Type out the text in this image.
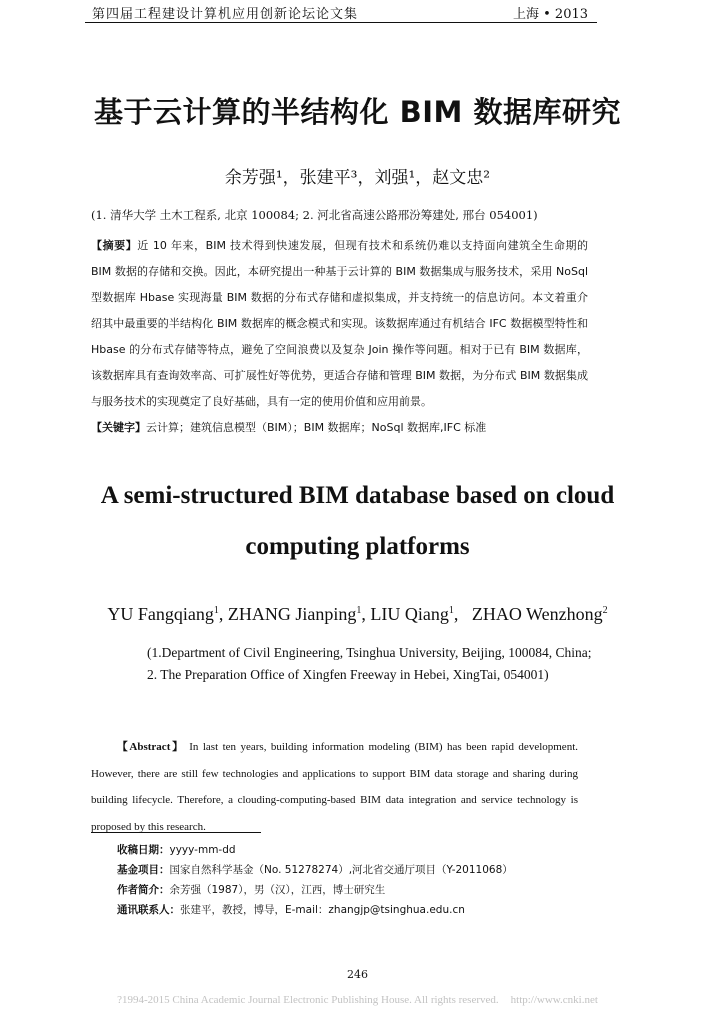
第四届工程建设计算机应用创新论坛论文集	上海 • 2013
基于云计算的半结构化 BIM 数据库研究
余芳强¹，张建平³，刘强¹，赵文忠²
(1. 清华大学 土木工程系, 北京 100084; 2. 河北省高速公路邢汾筹建处, 邢台 054001)

【摘要】近 10 年来，BIM 技术得到快速发展，但现有技术和系统仍难以支持面向建筑全生命期的 BIM 数据的存储和交换。因此，本研究提出一种基于云计算的 BIM 数据集成与服务技术，采用 NoSql 型数据库 Hbase 实现海量 BIM 数据的分布式存储和虚拟集成，并支持统一的信息访问。本文着重介绍其中最重要的半结构化 BIM 数据库的概念模式和实现。该数据库通过有机结合 IFC 数据模型特性和 Hbase 的分布式存储等特点，避免了空间浪费以及复杂 Join 操作等问题。相对于已有 BIM 数据库，该数据库具有查询效率高、可扩展性好等优势，更适合存储和管理 BIM 数据，为分布式 BIM 数据集成与服务技术的实现奠定了良好基础，具有一定的使用价值和应用前景。

【关键字】云计算；建筑信息模型（BIM）；BIM 数据库；NoSql 数据库,IFC 标准

A semi-structured BIM database based on cloud
computing platforms
YU Fangqiang$^1$, ZHANG Jianping$^1$, LIU Qiang$^1$,   ZHAO Wenzhong$^2$
(1.Department of Civil Engineering, Tsinghua University, Beijing, 100084, China;
2. The Preparation Office of Xingfen Freeway in Hebei, XingTai, 054001)
【Abstract】 In last ten years, building information modeling (BIM) has been rapid development. However, there are still few technologies and applications to support BIM data storage and sharing during building lifecycle. Therefore, a clouding-computing-based BIM data integration and service technology is proposed by this research.
收稿日期：yyyy-mm-dd
基金项目：国家自然科学基金（No. 51278274）,河北省交通厅项目（Y-2011068）
作者简介：余芳强（1987），男（汉），江西，博士研究生
通讯联系人：张建平，教授，博导，E-mail：zhangjp@tsinghua.edu.cn
246
?1994-2015 China Academic Journal Electronic Publishing House. All rights reserved. http://www.cnki.net
